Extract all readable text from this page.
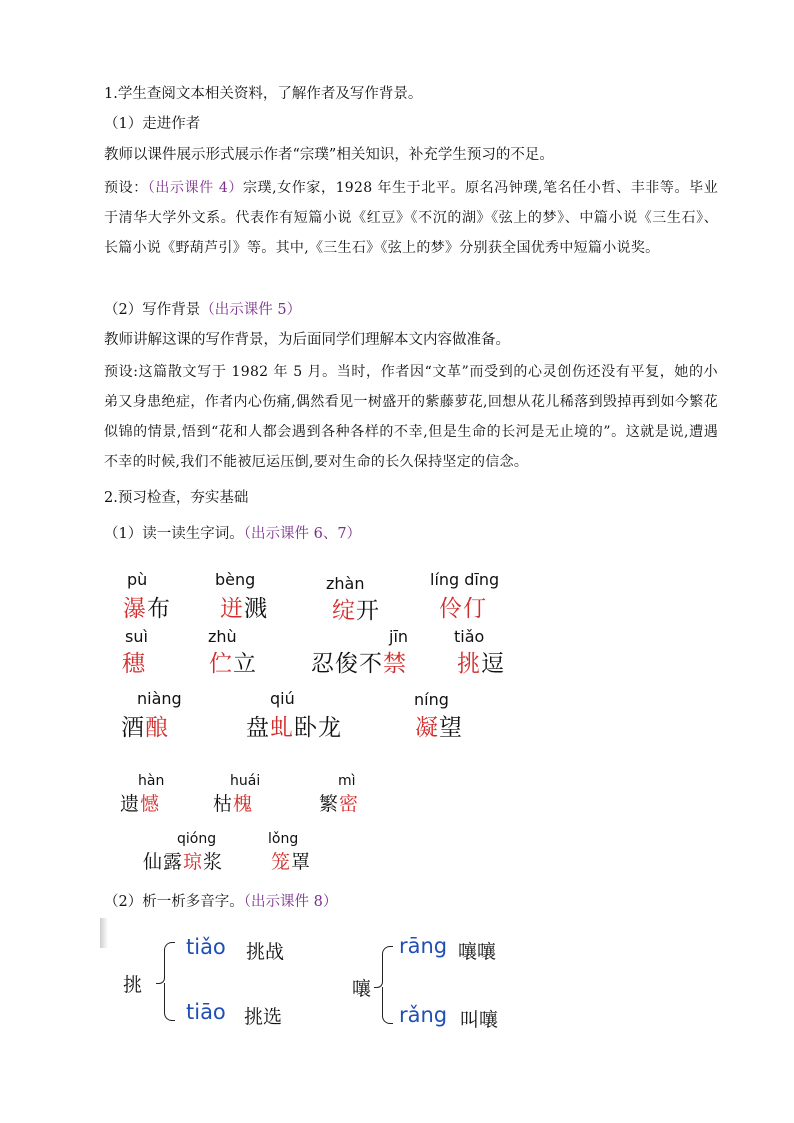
1.学生查阅文本相关资料，了解作者及写作背景。
（1）走进作者
教师以课件展示形式展示作者“宗璞”相关知识，补充学生预习的不足。
预设：（出示课件 4）宗璞,女作家，1928 年生于北平。原名冯钟璞,笔名任小哲、丰非等。毕业于清华大学外文系。代表作有短篇小说《红豆》《不沉的湖》《弦上的梦》、中篇小说《三生石》、长篇小说《野葫芦引》等。其中,《三生石》《弦上的梦》分别获全国优秀中短篇小说奖。
（2）写作背景（出示课件 5）
教师讲解这课的写作背景，为后面同学们理解本文内容做准备。
预设:这篇散文写于 1982 年 5 月。当时，作者因“文革”而受到的心灵创伤还没有平复，她的小弟又身患绝症，作者内心伤痛,偶然看见一树盛开的紫藤萝花,回想从花儿稀落到毁掉再到如今繁花似锦的情景,悟到“花和人都会遇到各种各样的不幸,但是生命的长河是无止境的”。这就是说,遭遇不幸的时候,我们不能被厄运压倒,要对生命的长久保持坚定的信念。
2.预习检查，夯实基础
（1）读一读生字词。（出示课件 6、7）
pù
瀑布
bèng
迸溅
zhàn
绽开
líng dīng
伶仃
suì
穗
zhù
伫立
jīn
忍俊不禁
tiǎo
挑逗
niàng
酒酿
qiú
盘虬卧龙
níng
凝望
hàn
遗憾
huái
枯槐
mì
繁密
qióng
仙露琼浆
lǒng
笼罩
（2）析一析多音字。（出示课件 8）
挑
tiǎo 挑战
tiāo 挑选
嚷
rāng 嚷嚷
rǎng 叫嚷
